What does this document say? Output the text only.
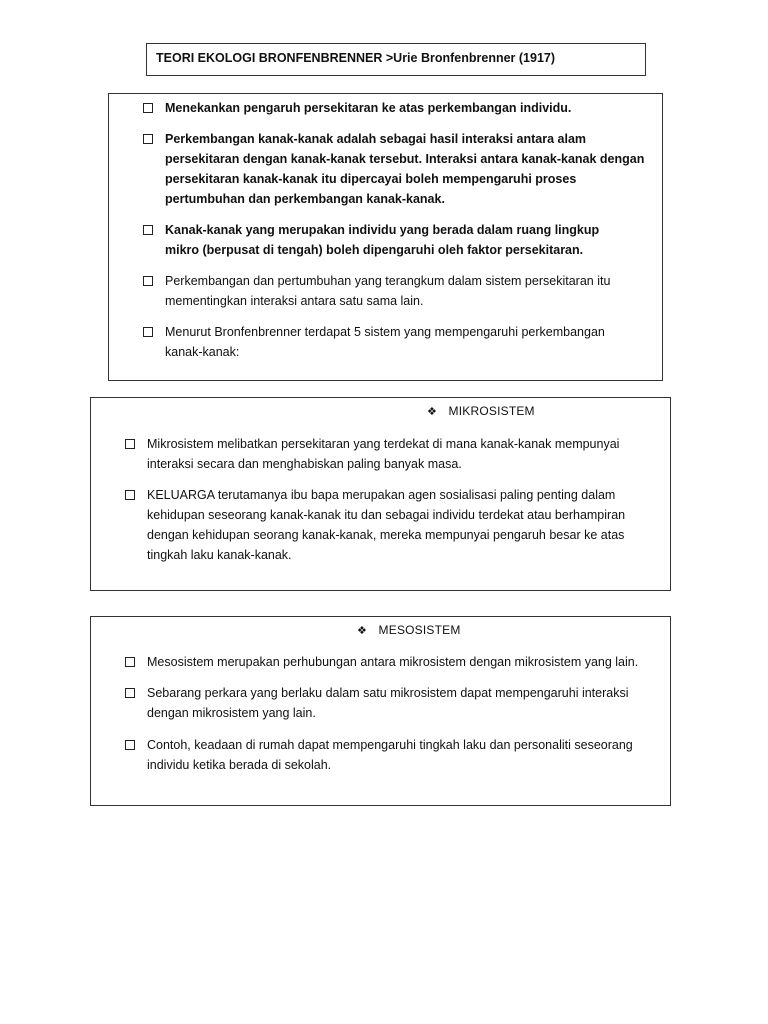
TEORI EKOLOGI BRONFENBRENNER >Urie Bronfenbrenner (1917)
Menekankan pengaruh persekitaran ke atas perkembangan individu.
Perkembangan kanak-kanak adalah sebagai hasil interaksi antara alam persekitaran dengan kanak-kanak tersebut. Interaksi antara kanak-kanak dengan persekitaran kanak-kanak itu dipercayai boleh mempengaruhi proses pertumbuhan dan perkembangan kanak-kanak.
Kanak-kanak yang merupakan individu yang berada dalam ruang lingkup mikro (berpusat di tengah) boleh dipengaruhi oleh faktor persekitaran.
Perkembangan dan pertumbuhan yang terangkum dalam sistem persekitaran itu mementingkan interaksi antara satu sama lain.
Menurut Bronfenbrenner terdapat 5 sistem yang mempengaruhi perkembangan kanak-kanak:
❖ MIKROSISTEM
Mikrosistem melibatkan persekitaran yang terdekat di mana kanak-kanak mempunyai interaksi secara dan menghabiskan paling banyak masa.
KELUARGA terutamanya ibu bapa merupakan agen sosialisasi paling penting dalam kehidupan seseorang kanak-kanak itu dan sebagai individu terdekat atau berhampiran dengan kehidupan seorang kanak-kanak, mereka mempunyai pengaruh besar ke atas tingkah laku kanak-kanak.
❖ MESOSISTEM
Mesosistem merupakan perhubungan antara mikrosistem dengan mikrosistem yang lain.
Sebarang perkara yang berlaku dalam satu mikrosistem dapat mempengaruhi interaksi dengan mikrosistem yang lain.
Contoh, keadaan di rumah dapat mempengaruhi tingkah laku dan personaliti seseorang individu ketika berada di sekolah.
